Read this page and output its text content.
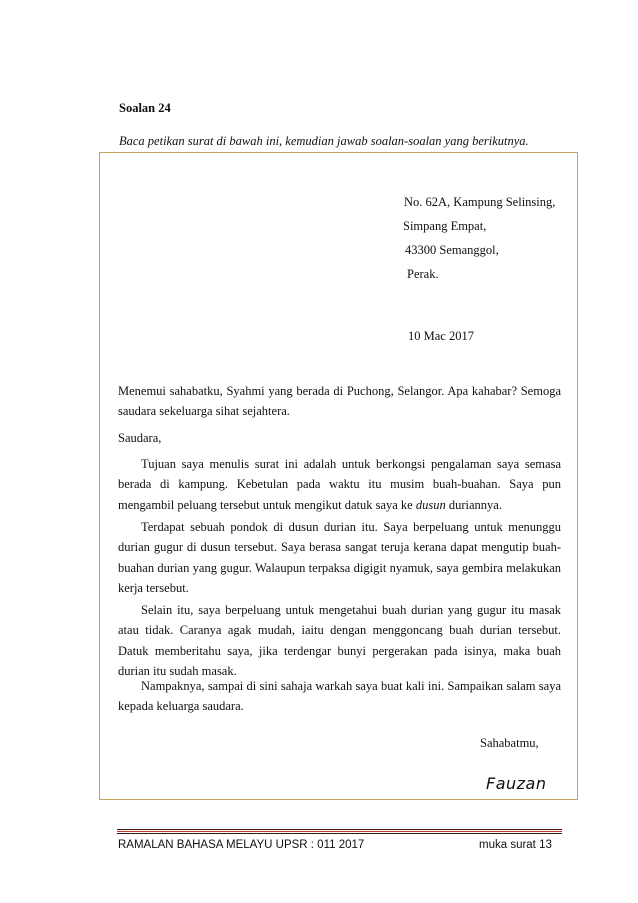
Soalan 24
Baca petikan surat di bawah ini, kemudian jawab soalan-soalan yang berikutnya.
No. 62A, Kampung Selinsing,
Simpang Empat,
43300 Semanggol,
Perak.
10 Mac 2017

Menemui sahabatku, Syahmi yang berada di Puchong, Selangor. Apa kahabar? Semoga saudara sekeluarga sihat sejahtera.

Saudara,

Tujuan saya menulis surat ini adalah untuk berkongsi pengalaman saya semasa berada di kampung. Kebetulan pada waktu itu musim buah-buahan. Saya pun mengambil peluang tersebut untuk mengikut datuk saya ke dusun duriannya.

Terdapat sebuah pondok di dusun durian itu. Saya berpeluang untuk menunggu durian gugur di dusun tersebut. Saya berasa sangat teruja kerana dapat mengutip buah-buahan durian yang gugur. Walaupun terpaksa digigit nyamuk, saya gembira melakukan kerja tersebut.

Selain itu, saya berpeluang untuk mengetahui buah durian yang gugur itu masak atau tidak. Caranya agak mudah, iaitu dengan menggoncang buah durian tersebut. Datuk memberitahu saya, jika terdengar bunyi pergerakan pada isinya, maka buah durian itu sudah masak.

Nampaknya, sampai di sini sahaja warkah saya buat kali ini. Sampaikan salam saya kepada keluarga saudara.

Sahabatmu,
Fauzan
RAMALAN BAHASA MELAYU UPSR : 011 2017	muka surat 13
